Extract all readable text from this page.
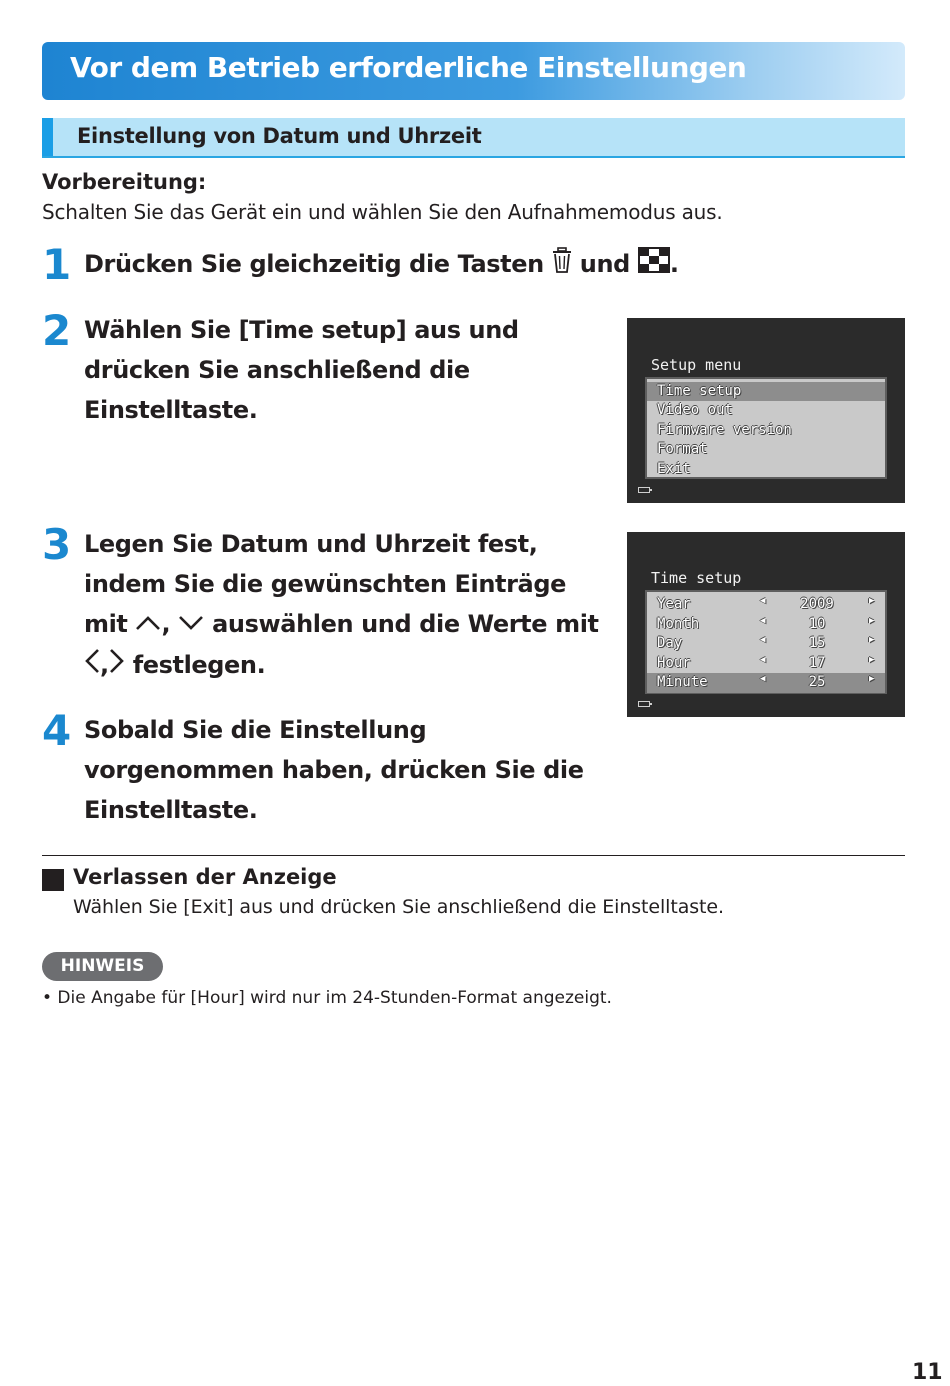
Vor dem Betrieb erforderliche Einstellungen
Einstellung von Datum und Uhrzeit
Vorbereitung:
Schalten Sie das Gerät ein und wählen Sie den Aufnahmemodus aus.
1 Drücken Sie gleichzeitig die Tasten und .
2 Wählen Sie [Time setup] aus und
drücken Sie anschließend die
Einstelltaste.
Setup menu
Time setup
Video out
Firmware version
Format
Exit
3 Legen Sie Datum und Uhrzeit fest,
indem Sie die gewünschten Einträge
mit , auswählen und die Werte mit
, festlegen.
Time setup
Year	◀	2009	▶
Month	◀	10	▶
Day	◀	15	▶
Hour	◀	17	▶
Minute	◀	25	▶
4 Sobald Sie die Einstellung
vorgenommen haben, drücken Sie die
Einstelltaste.
Verlassen der Anzeige
Wählen Sie [Exit] aus und drücken Sie anschließend die Einstelltaste.
HINWEIS
• Die Angabe für [Hour] wird nur im 24-Stunden-Format angezeigt.
11
